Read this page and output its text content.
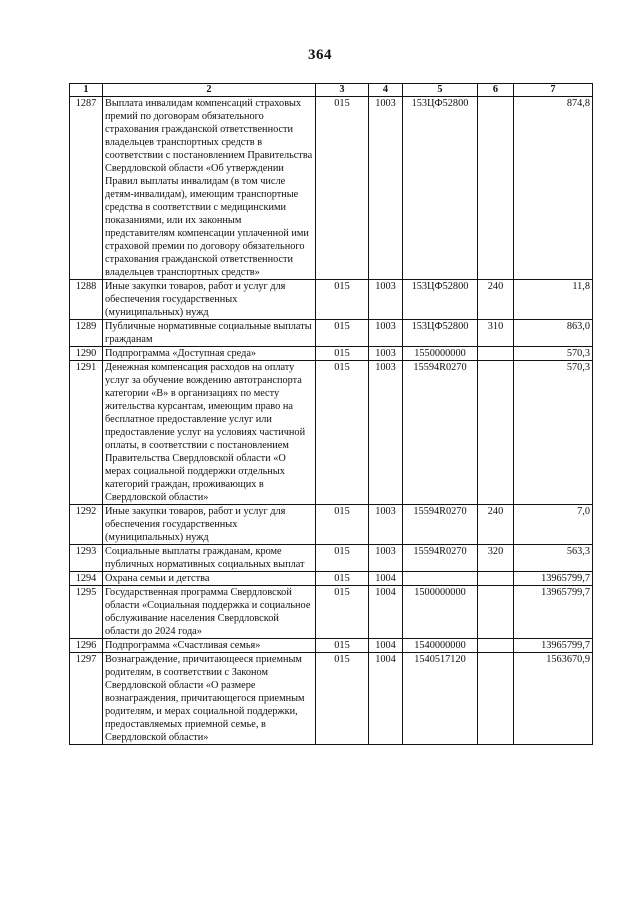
364
1	2	3	4	5	6	7
1287	Выплата инвалидам компенсаций страховых премий по договорам обязательного страхования гражданской ответственности владельцев транспортных средств в соответствии с постановлением Правительства Свердловской области «Об утверждении Правил выплаты инвалидам (в том числе детям-инвалидам), имеющим транспортные средства в соответствии с медицинскими показаниями, или их законным представителям компенсации уплаченной ими страховой премии по договору обязательного страхования гражданской ответственности владельцев транспортных средств»	015	1003	153ЦФ52800		874,8
1288	Иные закупки товаров, работ и услуг для обеспечения государственных (муниципальных) нужд	015	1003	153ЦФ52800	240	11,8
1289	Публичные нормативные социальные выплаты гражданам	015	1003	153ЦФ52800	310	863,0
1290	Подпрограмма «Доступная среда»	015	1003	1550000000		570,3
1291	Денежная компенсация расходов на оплату услуг за обучение вождению автотранспорта категории «B» в организациях по месту жительства курсантам, имеющим право на бесплатное предоставление услуг или предоставление услуг на условиях частичной оплаты, в соответствии с постановлением Правительства Свердловской области «О мерах социальной поддержки отдельных категорий граждан, проживающих в Свердловской области»	015	1003	15594R0270		570,3
1292	Иные закупки товаров, работ и услуг для обеспечения государственных (муниципальных) нужд	015	1003	15594R0270	240	7,0
1293	Социальные выплаты гражданам, кроме публичных нормативных социальных выплат	015	1003	15594R0270	320	563,3
1294	Охрана семьи и детства	015	1004			13965799,7
1295	Государственная программа Свердловской области «Социальная поддержка и социальное обслуживание населения Свердловской области до 2024 года»	015	1004	1500000000		13965799,7
1296	Подпрограмма «Счастливая семья»	015	1004	1540000000		13965799,7
1297	Вознаграждение, причитающееся приемным родителям, в соответствии с Законом Свердловской области «О размере вознаграждения, причитающегося приемным родителям, и мерах социальной поддержки, предоставляемых приемной семье, в Свердловской области»	015	1004	1540517120		1563670,9
